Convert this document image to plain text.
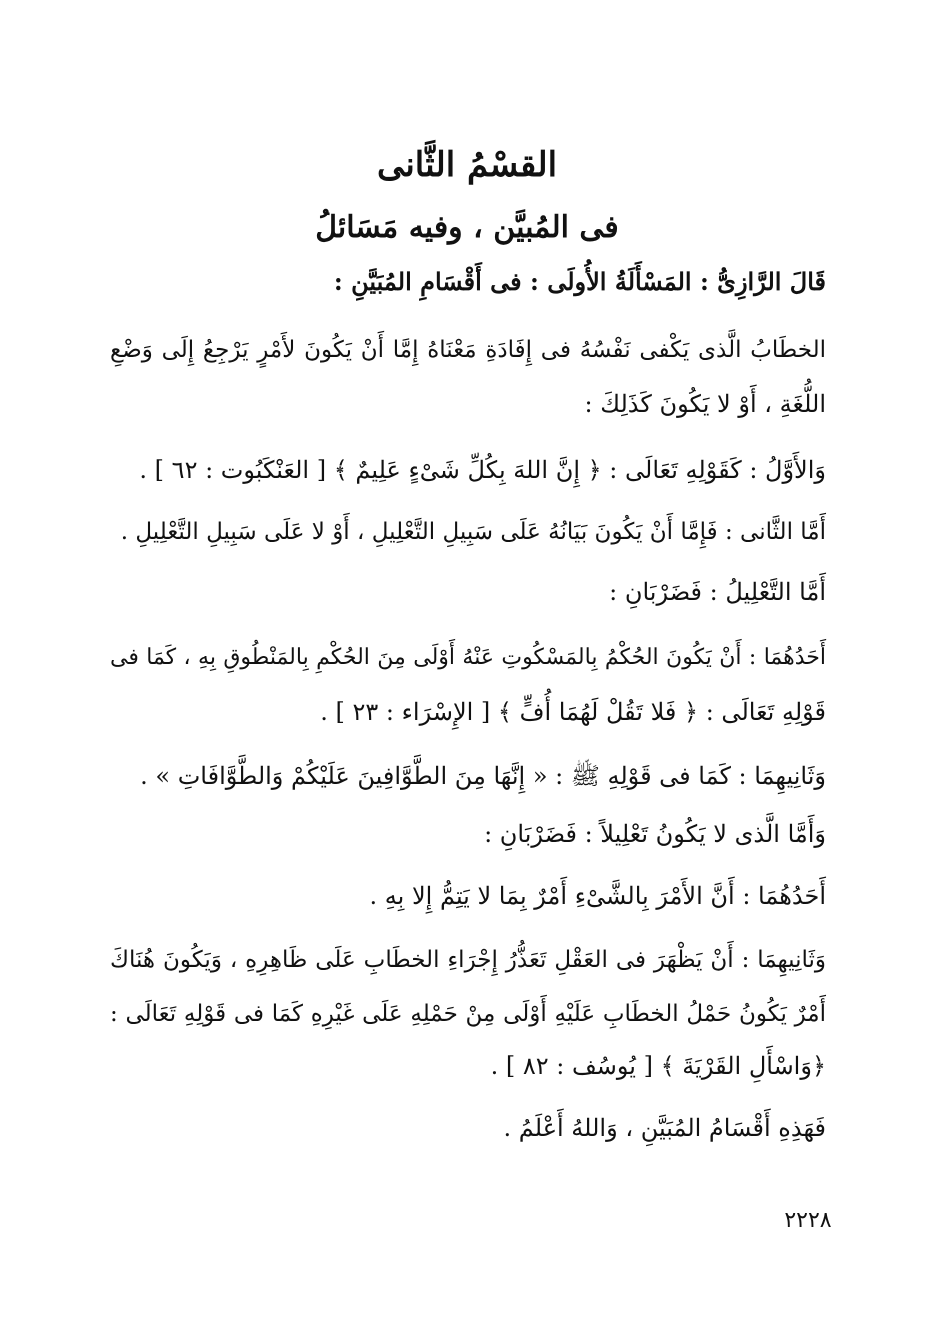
القسْمُ الثَّانى
فى المُبيَّن ، وفيه مَسَائلُ
قَالَ الرَّازِىُّ : المَسْأَلَةُ الأُولَى : فى أَقْسَامِ المُبَيَّنِ :
الخطَابُ الَّذى يَكْفى نَفْسُهُ فى إِفَادَةِ مَعْنَاهُ إِمَّا أَنْ يَكُونَ لأَمْرٍ يَرْجِعُ إِلَى وَضْعِ
اللُّغَةِ ، أَوْ لا يَكُونَ كَذَلِكَ :
وَالأَوَّلُ : كَقَوْلِهِ تَعَالَى : ﴿ إِنَّ اللهَ بِكُلِّ شَىْءٍ عَلِيمٌ ﴾ [ العَنْكَبُوت : ٦٢ ] .
أَمَّا الثَّانى : فَإِمَّا أَنْ يَكُونَ بَيَانُهُ عَلَى سَبِيلِ التَّعْلِيلِ ، أَوْ لا عَلَى سَبِيلِ التَّعْلِيلِ .
أَمَّا التَّعْلِيلُ : فَضَرْبَانِ :
أَحَدُهُمَا : أَنْ يَكُونَ الحُكْمُ بِالمَسْكُوتِ عَنْهُ أَوْلَى مِنَ الحُكْمِ بِالمَنْطُوقِ بِهِ ، كَمَا فى
قَوْلِهِ تَعَالَى : ﴿ فَلا تَقُلْ لَهُمَا أُفٍّ ﴾ [ الإِسْرَاء : ٢٣ ] .
وَثَانِيهِمَا : كَمَا فى قَوْلِهِ ﷺ : « إِنَّهَا مِنَ الطَّوَّافِينَ عَلَيْكُمْ وَالطَّوَّافَاتِ » .
وَأَمَّا الَّذى لا يَكُونُ تَعْلِيلاً : فَضَرْبَانِ :
أَحَدُهُمَا : أَنَّ الأَمْرَ بِالشَّىْءِ أَمْرٌ بِمَا لا يَتِمُّ إِلا بِهِ .
وَثَانِيهِمَا : أَنْ يَظْهَرَ فى العَقْلِ تَعَذُّرُ إِجْرَاءِ الخطَابِ عَلَى ظَاهِرِهِ ، وَيَكُونَ هُنَاكَ
أَمْرٌ يَكُونُ حَمْلُ الخطَابِ عَلَيْهِ أَوْلَى مِنْ حَمْلِهِ عَلَى غَيْرِهِ كَمَا فى قَوْلِهِ تَعَالَى :
﴿وَاسْأَلِ القَرْيَةَ ﴾ [ يُوسُف : ٨٢ ] .
فَهَذِهِ أَقْسَامُ المُبَيَّنِ ، وَاللهُ أَعْلَمُ .
٢٢٢٨
